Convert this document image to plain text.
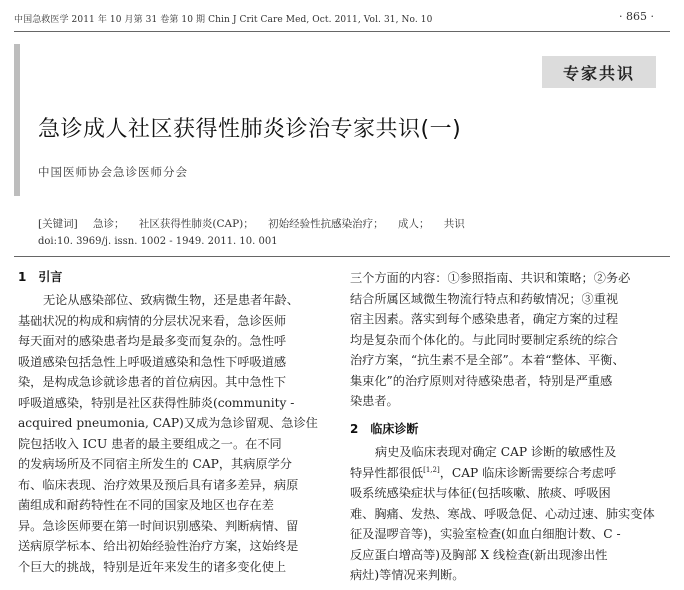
中国急救医学 2011 年 10 月第 31 卷第 10 期 Chin J Crit Care Med, Oct. 2011, Vol. 31, No. 10	· 865 ·
专家共识
急诊成人社区获得性肺炎诊治专家共识(一)
中国医师协会急诊医师分会
[关键词] 急诊； 社区获得性肺炎(CAP)； 初始经验性抗感染治疗； 成人； 共识
doi:10. 3969/j. issn. 1002 - 1949. 2011. 10. 001
1 引言
无论从感染部位、致病微生物，还是患者年龄、
基础状况的构成和病情的分层状况来看，急诊医师
每天面对的感染患者均是最多变而复杂的。急性呼
吸道感染包括急性上呼吸道感染和急性下呼吸道感
染，是构成急诊就诊患者的首位病因。其中急性下
呼吸道感染，特别是社区获得性肺炎(community -
acquired pneumonia, CAP)又成为急诊留观、急诊住
院包括收入 ICU 患者的最主要组成之一。在不同
的发病场所及不同宿主所发生的 CAP，其病原学分
布、临床表现、治疗效果及预后具有诸多差异，病原
菌组成和耐药特性在不同的国家及地区也存在差
异。急诊医师要在第一时间识别感染、判断病情、留
送病原学标本、给出初始经验性治疗方案，这始终是
个巨大的挑战，特别是近年来发生的诸多变化使上
三个方面的内容：①参照指南、共识和策略；②务必
结合所属区域微生物流行特点和药敏情况；③重视
宿主因素。落实到每个感染患者，确定方案的过程
均是复杂而个体化的。与此同时要制定系统的综合
治疗方案，“抗生素不是全部”。本着“整体、平衡、
集束化”的治疗原则对待感染患者，特别是严重感
染患者。
2 临床诊断
病史及临床表现对确定 CAP 诊断的敏感性及
特异性都很低[1,2]，CAP 临床诊断需要综合考虑呼
吸系统感染症状与体征(包括咳嗽、脓痰、呼吸困
难、胸痛、发热、寒战、呼吸急促、心动过速、肺实变体
征及湿啰音等)，实验室检查(如血白细胞计数、C -
反应蛋白增高等)及胸部 X 线检查(新出现渗出性
病灶)等情况来判断。
